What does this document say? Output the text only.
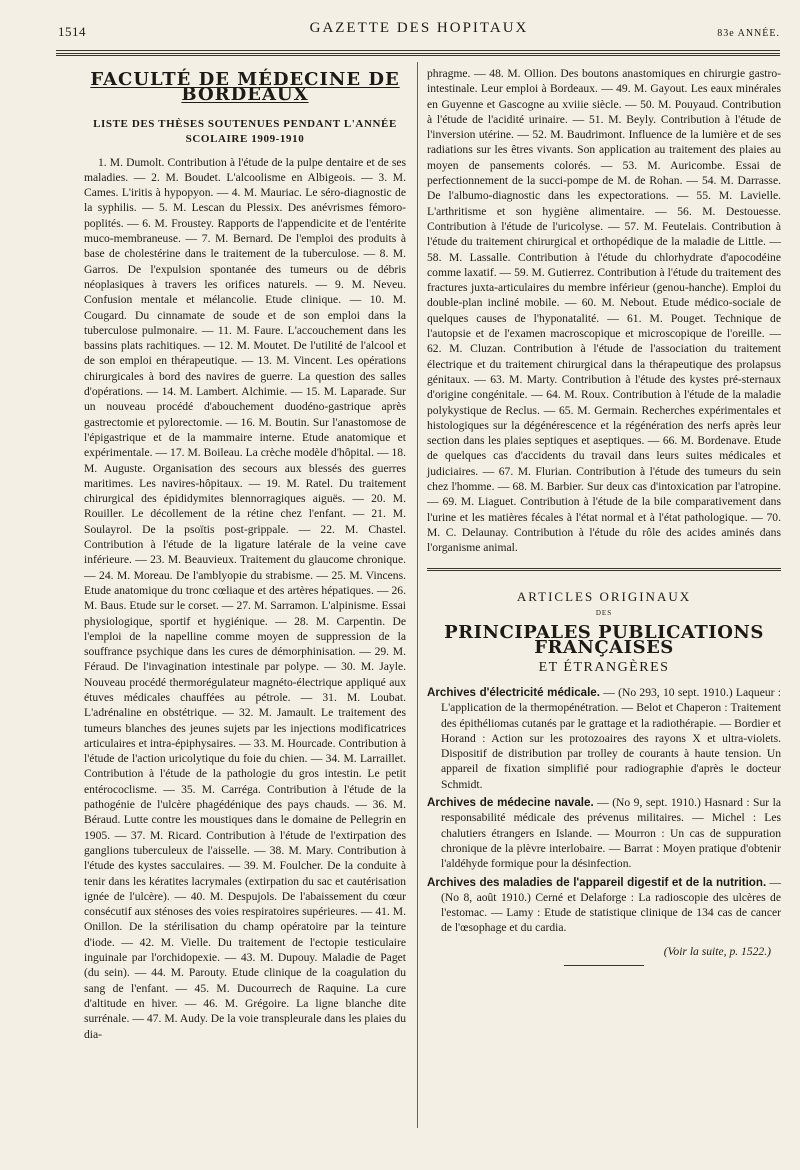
1514	GAZETTE DES HOPITAUX	83e ANNÉE.
FACULTÉ DE MÉDECINE DE BORDEAUX
LISTE DES THÈSES SOUTENUES PENDANT L'ANNÉE SCOLAIRE 1909-1910

1. M. Dumolt. Contribution à l'étude de la pulpe dentaire et de ses maladies. — 2. M. Boudet. L'alcoolisme en Albigeois. — 3. M. Cames. L'iritis à hypopyon. — 4. M. Mauriac. Le séro-diagnostic de la syphilis. — 5. M. Lescan du Plessix. Des anévrismes fémoro-poplités. — 6. M. Froustey. Rapports de l'appendicite et de l'entérite muco-membraneuse. — 7. M. Bernard. De l'emploi des produits à base de cholestérine dans le traitement de la tuberculose. — 8. M. Garros. De l'expulsion spontanée des tumeurs ou de débris néoplasiques à travers les orifices naturels. — 9. M. Neveu. Confusion mentale et mélancolie. Etude clinique. — 10. M. Cougard. Du cinnamate de soude et de son emploi dans la tuberculose pulmonaire. — 11. M. Faure. L'accouchement dans les bassins plats rachitiques. — 12. M. Moutet. De l'utilité de l'alcool et de son emploi en thérapeutique. — 13. M. Vincent. Les opérations chirurgicales à bord des navires de guerre. La question des salles d'opérations. — 14. M. Lambert. Alchimie. — 15. M. Laparade. Sur un nouveau procédé d'abouchement duodéno-gastrique après gastrectomie et pylorectomie. — 16. M. Boutin. Sur l'anastomose de l'épigastrique et de la mammaire interne. Etude anatomique et expérimentale. — 17. M. Boileau. La crèche modèle d'hôpital. — 18. M. Auguste. Organisation des secours aux blessés des guerres maritimes. Les navires-hôpitaux. — 19. M. Ratel. Du traitement chirurgical des épididymites blennorragiques aiguës. — 20. M. Rouiller. Le décollement de la rétine chez l'enfant. — 21. M. Soulayrol. De la psoïtis post-grippale. — 22. M. Chastel. Contribution à l'étude de la ligature latérale de la veine cave inférieure. — 23. M. Beauvieux. Traitement du glaucome chronique. — 24. M. Moreau. De l'amblyopie du strabisme. — 25. M. Vincens. Etude anatomique du tronc cœliaque et des artères hépatiques. — 26. M. Baus. Etude sur le corset. — 27. M. Sarramon. L'alpinisme. Essai physiologique, sportif et hygiénique. — 28. M. Carpentin. De l'emploi de la napelline comme moyen de suppression de la souffrance psychique dans les cures de démorphinisation. — 29. M. Féraud. De l'invagination intestinale par polype. — 30. M. Jayle. Nouveau procédé thermorégulateur magnéto-électrique appliqué aux étuves médicales chauffées au pétrole. — 31. M. Loubat. L'adrénaline en obstétrique. — 32. M. Jamault. Le traitement des tumeurs blanches des jeunes sujets par les injections modificatrices articulaires et intra-épiphysaires. — 33. M. Hourcade. Contribution à l'étude de l'action uricolytique du foie du chien. — 34. M. Larraillet. Contribution à l'étude de la pathologie du gros intestin. Le petit entérococlisme. — 35. M. Carréga. Contribution à l'étude de la pathogénie de l'ulcère phagédénique des pays chauds. — 36. M. Béraud. Lutte contre les moustiques dans le domaine de Pellegrin en 1905. — 37. M. Ricard. Contribution à l'étude de l'extirpation des ganglions tuberculeux de l'aisselle. — 38. M. Mary. Contribution à l'étude des kystes sacculaires. — 39. M. Foulcher. De la conduite à tenir dans les kératites lacrymales (extirpation du sac et cautérisation ignée de l'ulcère). — 40. M. Despujols. De l'abaissement du cœur consécutif aux sténoses des voies respiratoires supérieures. — 41. M. Onillon. De la stérilisation du champ opératoire par la teinture d'iode. — 42. M. Vielle. Du traitement de l'ectopie testiculaire inguinale par l'orchidopexie. — 43. M. Dupouy. Maladie de Paget (du sein). — 44. M. Parouty. Etude clinique de la coagulation du sang de l'enfant. — 45. M. Ducourrech de Raquine. La cure d'altitude en hiver. — 46. M. Grégoire. La ligne blanche dite surrénale. — 47. M. Audy. De la voie transpleurale dans les plaies du dia-

phragme. — 48. M. Ollion. Des boutons anastomiques en chirurgie gastro-intestinale. Leur emploi à Bordeaux. — 49. M. Gayout. Les eaux minérales en Guyenne et Gascogne au xviiie siècle. — 50. M. Pouyaud. Contribution à l'étude de l'acidité urinaire. — 51. M. Beyly. Contribution à l'étude de l'inversion utérine. — 52. M. Baudrimont. Influence de la lumière et de ses radiations sur les êtres vivants. Son application au traitement des plaies au moyen de pansements colorés. — 53. M. Auricombe. Essai de perfectionnement de la succi-pompe de M. de Rohan. — 54. M. Darrasse. De l'albumo-diagnostic dans les expectorations. — 55. M. Lavielle. L'arthritisme et son hygiène alimentaire. — 56. M. Destouesse. Contribution à l'étude de l'uricolyse. — 57. M. Feutelais. Contribution à l'étude du traitement chirurgical et orthopédique de la maladie de Little. — 58. M. Lassalle. Contribution à l'étude du chlorhydrate d'apocodéine comme laxatif. — 59. M. Gutierrez. Contribution à l'étude du traitement des fractures juxta-articulaires du membre inférieur (genou-hanche). Emploi du double-plan incliné mobile. — 60. M. Nebout. Etude médico-sociale de quelques causes de l'hyponatalité. — 61. M. Pouget. Technique de l'autopsie et de l'examen macroscopique et microscopique de l'oreille. — 62. M. Cluzan. Contribution à l'étude de l'association du traitement électrique et du traitement chirurgical dans la thérapeutique des prolapsus génitaux. — 63. M. Marty. Contribution à l'étude des kystes pré-sternaux d'origine congénitale. — 64. M. Roux. Contribution à l'étude de la maladie polykystique de Reclus. — 65. M. Germain. Recherches expérimentales et histologiques sur la dégénérescence et la régénération des nerfs après leur section dans les plaies septiques et aseptiques. — 66. M. Bordenave. Etude de quelques cas d'accidents du travail dans leurs suites médicales et judiciaires. — 67. M. Flurian. Contribution à l'étude des tumeurs du sein chez l'homme. — 68. M. Barbier. Sur deux cas d'intoxication par l'atropine. — 69. M. Liaguet. Contribution à l'étude de la bile comparativement dans l'urine et les matières fécales à l'état normal et à l'état pathologique. — 70. M. C. Delaunay. Contribution à l'étude du rôle des acides aminés dans l'organisme animal.

ARTICLES ORIGINAUX
DES
PRINCIPALES PUBLICATIONS FRANÇAISES
ET ÉTRANGÈRES

Archives d'électricité médicale. — (No 293, 10 sept. 1910.) Laqueur : L'application de la thermopénétration. — Belot et Chaperon : Traitement des épithéliomas cutanés par le grattage et la radiothérapie. — Bordier et Horand : Action sur les protozoaires des rayons X et ultra-violets. Dispositif de distribution par trolley de courants à haute tension. Un appareil de fixation simplifié pour radiographie d'après le docteur Schmidt.

Archives de médecine navale. — (No 9, sept. 1910.) Hasnard : Sur la responsabilité médicale des prévenus militaires. — Michel : Les chalutiers étrangers en Islande. — Mourron : Un cas de suppuration chronique de la plèvre interlobaire. — Barrat : Moyen pratique d'obtenir l'aldéhyde formique pour la désinfection.

Archives des maladies de l'appareil digestif et de la nutrition. — (No 8, août 1910.) Cerné et Delaforge : La radioscopie des ulcères de l'estomac. — Lamy : Etude de statistique clinique de 134 cas de cancer de l'œsophage et du cardia.

(Voir la suite, p. 1522.)
